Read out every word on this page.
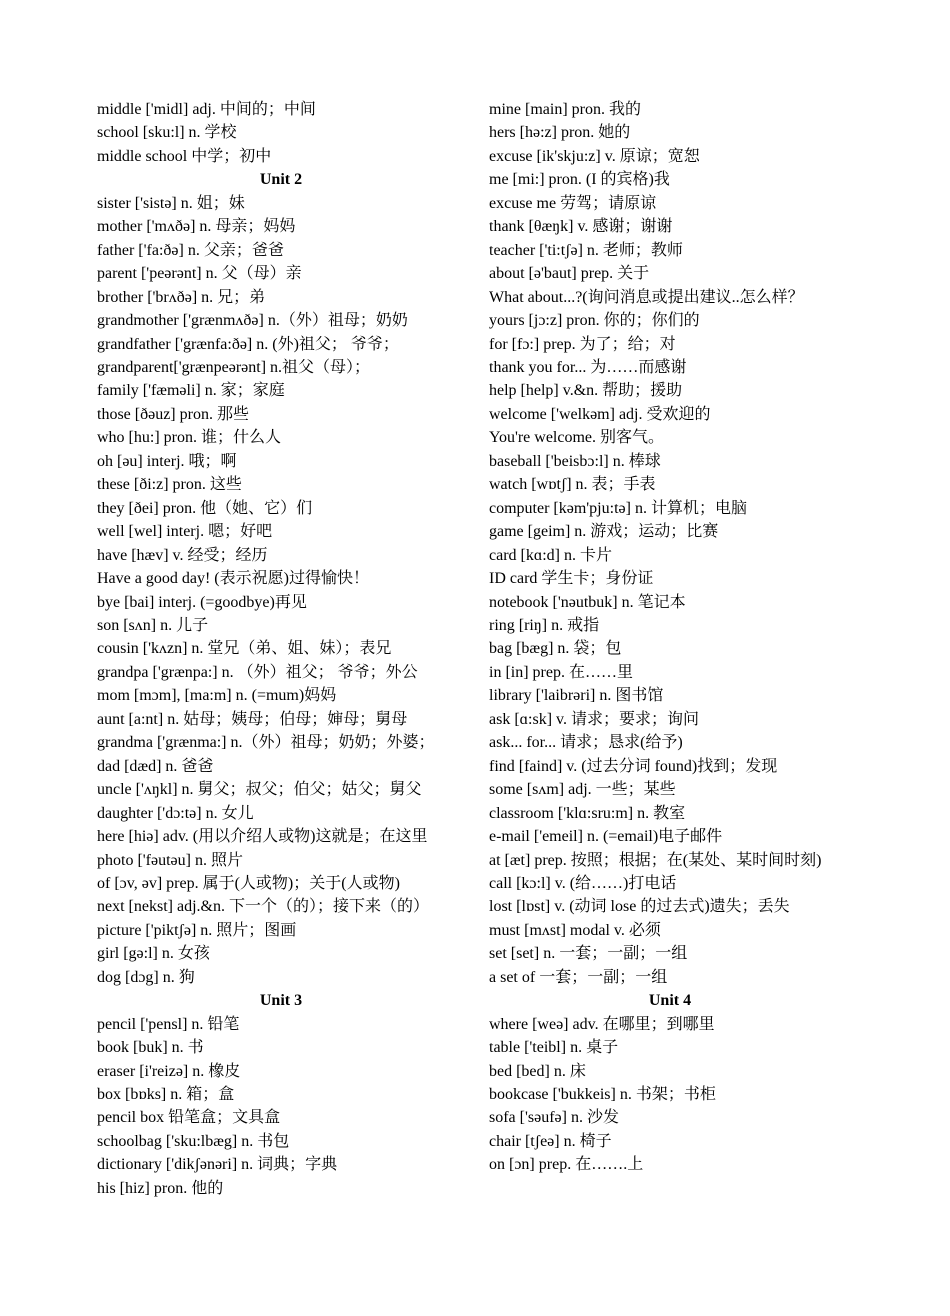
middle ['midl] adj. 中间的；中间
school [sku:l] n. 学校
middle school 中学；初中
Unit 2
sister ['sistə] n. 姐；妹
mother ['mʌðə] n. 母亲；妈妈
father ['fa:ðə] n. 父亲；爸爸
parent ['peərənt] n. 父（母）亲
brother ['brʌðə] n. 兄；弟
grandmother ['grænmʌðə] n.（外）祖母；奶奶
grandfather ['grænfa:ðə] n. (外)祖父； 爷爷；
grandparent['grænpeərənt] n.祖父（母）；
family ['fæməli] n. 家；家庭
those [ðəuz] pron. 那些
who [hu:] pron. 谁；什么人
oh [əu] interj. 哦；啊
these [ði:z] pron. 这些
they [ðei] pron. 他（她、它）们
well [wel] interj. 嗯；好吧
have [hæv] v. 经受；经历
Have a good day! (表示祝愿)过得愉快！
bye [bai] interj. (=goodbye)再见
son [sʌn] n. 儿子
cousin ['kʌzn] n. 堂兄（弟、姐、妹）；表兄
grandpa ['grænpa:] n. （外）祖父； 爷爷；外公
mom [mɔm], [ma:m] n. (=mum)妈妈
aunt [a:nt] n. 姑母；姨母；伯母；婶母；舅母
grandma ['grænma:] n.（外）祖母；奶奶；外婆；
dad [dæd] n. 爸爸
uncle ['ʌŋkl] n. 舅父；叔父；伯父；姑父；舅父
daughter ['dɔ:tə] n. 女儿
here [hiə] adv. (用以介绍人或物)这就是；在这里
photo ['fəutəu] n. 照片
of [ɔv, əv] prep. 属于(人或物)；关于(人或物)
next [nekst] adj.&n. 下一个（的）；接下来（的）
picture ['piktʃə] n. 照片；图画
girl [gə:l] n. 女孩
dog [dɔg] n. 狗
Unit 3
pencil ['pensl] n. 铅笔
book [buk] n. 书
eraser [i'reizə] n. 橡皮
box [bɒks] n. 箱；盒
pencil box 铅笔盒；文具盒
schoolbag ['sku:lbæg] n. 书包
dictionary ['dikʃənəri] n. 词典；字典
his [hiz] pron. 他的
mine [main] pron. 我的
hers [hə:z] pron. 她的
excuse [ik'skju:z] v. 原谅；宽恕
me [mi:] pron. (I 的宾格)我
excuse me 劳驾；请原谅
thank [θæŋk] v. 感谢；谢谢
teacher ['ti:tʃə] n. 老师；教师
about [ə'baut] prep. 关于
What about...?(询问消息或提出建议..怎么样？
yours [jɔ:z] pron. 你的；你们的
for [fɔ:] prep. 为了；给；对
thank you for... 为……而感谢
help [help] v.&n. 帮助；援助
welcome ['welkəm] adj. 受欢迎的
You're welcome. 别客气。
baseball ['beisbɔ:l] n. 棒球
watch [wɒtʃ] n. 表；手表
computer [kəm'pju:tə] n. 计算机；电脑
game [geim] n. 游戏；运动；比赛
card [kɑ:d] n. 卡片
ID card 学生卡；身份证
notebook ['nəutbuk] n. 笔记本
ring [riŋ] n. 戒指
bag [bæg] n. 袋；包
in [in] prep. 在……里
library ['laibrəri] n. 图书馆
ask [ɑ:sk] v. 请求；要求；询问
ask... for... 请求；恳求(给予)
find [faind] v. (过去分词 found)找到；发现
some [sʌm] adj. 一些；某些
classroom ['klɑ:sru:m] n. 教室
e-mail ['emeil] n. (=email)电子邮件
at [æt] prep. 按照；根据；在(某处、某时间时刻)
call [kɔ:l] v. (给……)打电话
lost [lɒst] v. (动词 lose 的过去式)遗失；丢失
must [mʌst] modal v. 必须
set [set] n. 一套；一副；一组
a set of 一套；一副；一组
Unit 4
where [weə] adv. 在哪里；到哪里
table ['teibl] n. 桌子
bed [bed] n. 床
bookcase ['bukkeis] n. 书架；书柜
sofa ['səufə] n. 沙发
chair [tʃeə] n. 椅子
on [ɔn] prep. 在…….上
